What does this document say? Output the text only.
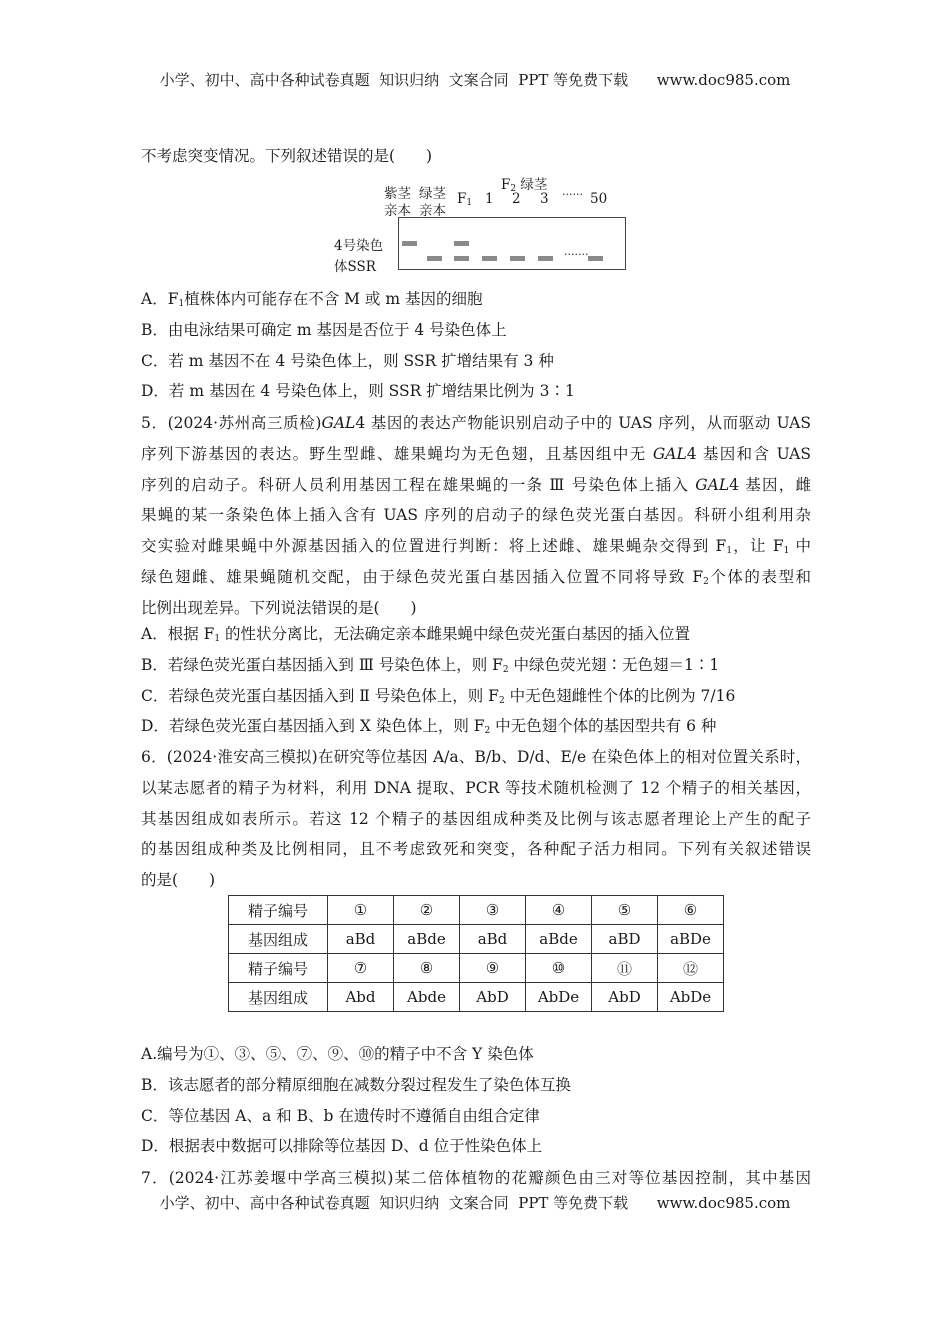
小学、初中、高中各种试卷真题  知识归纳  文案合同  PPT 等免费下载      www.doc985.com
紫茎
亲本
绿茎
亲本
$F_2$ 绿茎
$F_1$ 1 2 3 ······ 50
4号染色
体SSR
·······
精子编号	①	②	③	④	⑤	⑥
基因组成	aBd	aBde	aBd	aBde	aBD	aBDe
精子编号	⑦	⑧	⑨	⑩	⑪	⑫
基因组成	Abd	Abde	AbD	AbDe	AbD	AbDe
不考虑突变情况。下列叙述错误的是(　　)
A．$F_1$植株体内可能存在不含 M 或 m 基因的细胞
B．由电泳结果可确定 m 基因是否位于 4 号染色体上
C．若 m 基因不在 4 号染色体上，则 SSR 扩增结果有 3 种
D．若 m 基因在 4 号染色体上，则 SSR 扩增结果比例为 3∶1
5．(2024·苏州高三质检)GAL4 基因的表达产物能识别启动子中的 UAS 序列，从而驱动 UAS
序列下游基因的表达。野生型雌、雄果蝇均为无色翅，且基因组中无 GAL4 基因和含 UAS
序列的启动子。科研人员利用基因工程在雄果蝇的一条 Ⅲ 号染色体上插入 GAL4 基因，雌
果蝇的某一条染色体上插入含有 UAS 序列的启动子的绿色荧光蛋白基因。科研小组利用杂
交实验对雌果蝇中外源基因插入的位置进行判断：将上述雌、雄果蝇杂交得到 $F_1$，让 $F_1$ 中
绿色翅雌、雄果蝇随机交配，由于绿色荧光蛋白基因插入位置不同将导致 $F_2$个体的表型和
比例出现差异。下列说法错误的是(　　)
A．根据 $F_1$ 的性状分离比，无法确定亲本雌果蝇中绿色荧光蛋白基因的插入位置
B．若绿色荧光蛋白基因插入到 Ⅲ 号染色体上，则 $F_2$ 中绿色荧光翅∶无色翅＝1∶1
C．若绿色荧光蛋白基因插入到 Ⅱ 号染色体上，则 $F_2$ 中无色翅雌性个体的比例为 7/16
D．若绿色荧光蛋白基因插入到 X 染色体上，则 $F_2$ 中无色翅个体的基因型共有 6 种
6．(2024·淮安高三模拟)在研究等位基因 A/a、B/b、D/d、E/e 在染色体上的相对位置关系时，
以某志愿者的精子为材料，利用 DNA 提取、PCR 等技术随机检测了 12 个精子的相关基因，
其基因组成如表所示。若这 12 个精子的基因组成种类及比例与该志愿者理论上产生的配子
的基因组成种类及比例相同，且不考虑致死和突变，各种配子活力相同。下列有关叙述错误
的是(　　)
A.编号为①、③、⑤、⑦、⑨、⑩的精子中不含 Y 染色体
B．该志愿者的部分精原细胞在减数分裂过程发生了染色体互换
C．等位基因 A、a 和 B、b 在遗传时不遵循自由组合定律
D．根据表中数据可以排除等位基因 D、d 位于性染色体上
7．(2024·江苏姜堰中学高三模拟)某二倍体植物的花瓣颜色由三对等位基因控制，其中基因
小学、初中、高中各种试卷真题  知识归纳  文案合同  PPT 等免费下载      www.doc985.com
